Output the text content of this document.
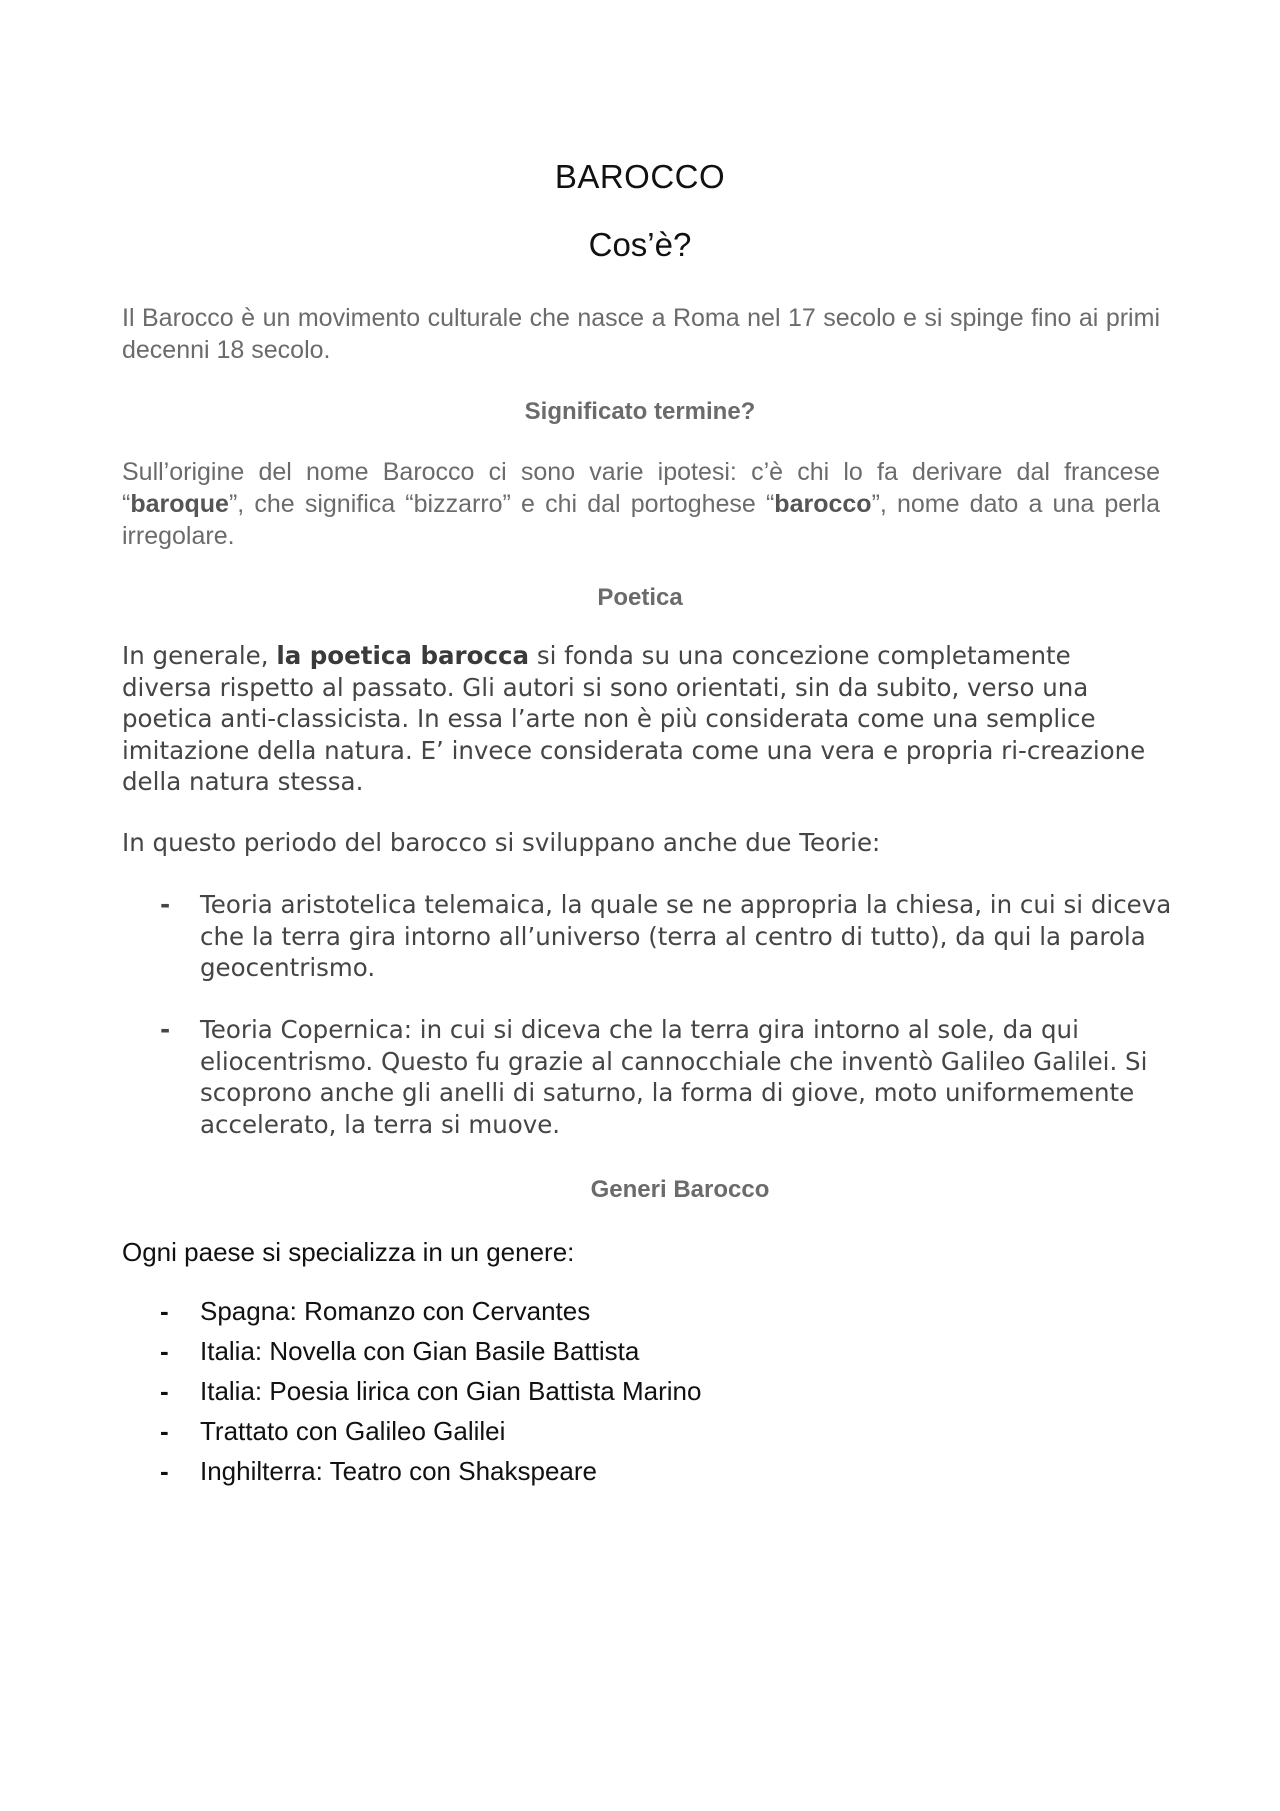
BAROCCO
Cos’è?

Il Barocco è un movimento culturale che nasce a Roma nel 17 secolo e si spinge fino ai primi decenni 18 secolo.

Significato termine?

Sull’origine del nome Barocco ci sono varie ipotesi: c’è chi lo fa derivare dal francese “baroque”, che significa “bizzarro” e chi dal portoghese “barocco”, nome dato a una perla irregolare.

Poetica

In generale, la poetica barocca si fonda su una concezione completamente diversa rispetto al passato. Gli autori si sono orientati, sin da subito, verso una poetica anti-classicista. In essa l’arte non è più considerata come una semplice imitazione della natura. E’ invece considerata come una vera e propria ri-creazione della natura stessa.

In questo periodo del barocco si sviluppano anche due Teorie:

- Teoria aristotelica telemaica, la quale se ne appropria la chiesa, in cui si diceva che la terra gira intorno all’universo (terra al centro di tutto), da qui la parola geocentrismo.
- Teoria Copernica: in cui si diceva che la terra gira intorno al sole, da qui eliocentrismo. Questo fu grazie al cannocchiale che inventò Galileo Galilei. Si scoprono anche gli anelli di saturno, la forma di giove, moto uniformemente accelerato, la terra si muove.
Generi Barocco

Ogni paese si specializza in un genere:

- Spagna: Romanzo con Cervantes
- Italia: Novella con Gian Basile Battista
- Italia: Poesia lirica con Gian Battista Marino
- Trattato con Galileo Galilei
- Inghilterra: Teatro con Shakspeare
